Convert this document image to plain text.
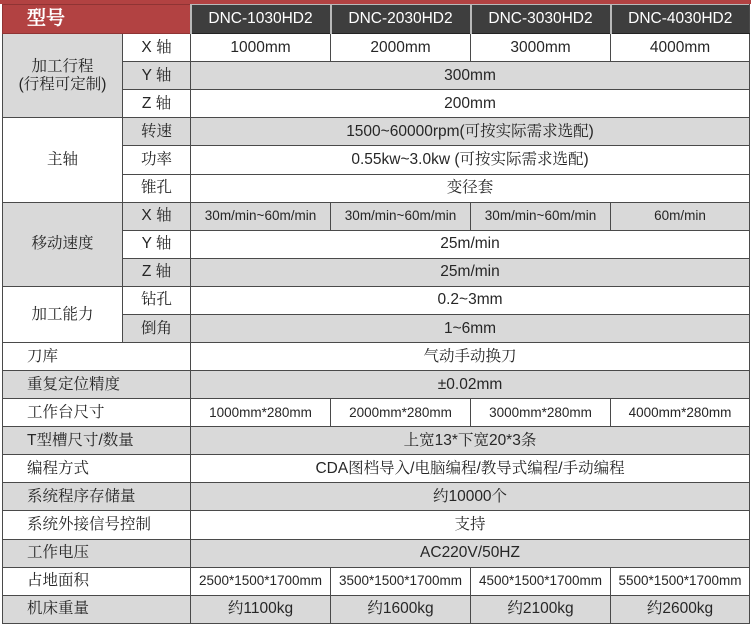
型号		DNC-1030HD2	DNC-2030HD2	DNC-3030HD2	DNC-4030HD2

加工行程
(行程可定制)	X 轴	1000mm	2000mm	3000mm	4000mm
	Y 轴	300mm			
	Z 轴	200mm			
主轴	转速	1500~60000rpm(可按实际需求选配)			
	功率	0.55kw~3.0kw (可按实际需求选配)			
	锥孔	变径套			
移动速度	X 轴	30m/min~60m/min	30m/min~60m/min	30m/min~60m/min	60m/min
	Y 轴	25m/min			
	Z 轴	25m/min			
加工能力	钻孔	0.2~3mm			
	倒角	1~6mm			
刀库		气动手动换刀			
重复定位精度		±0.02mm			
工作台尺寸		1000mm*280mm	2000mm*280mm	3000mm*280mm	4000mm*280mm
T型槽尺寸/数量		上宽13*下宽20*3条			
编程方式		CDA图档导入/电脑编程/教导式编程/手动编程			
系统程序存储量		约10000个			
系统外接信号控制		支持			
工作电压		AC220V/50HZ			
占地面积		2500*1500*1700mm	3500*1500*1700mm	4500*1500*1700mm	5500*1500*1700mm
机床重量		约1100kg	约1600kg	约2100kg	约2600kg
